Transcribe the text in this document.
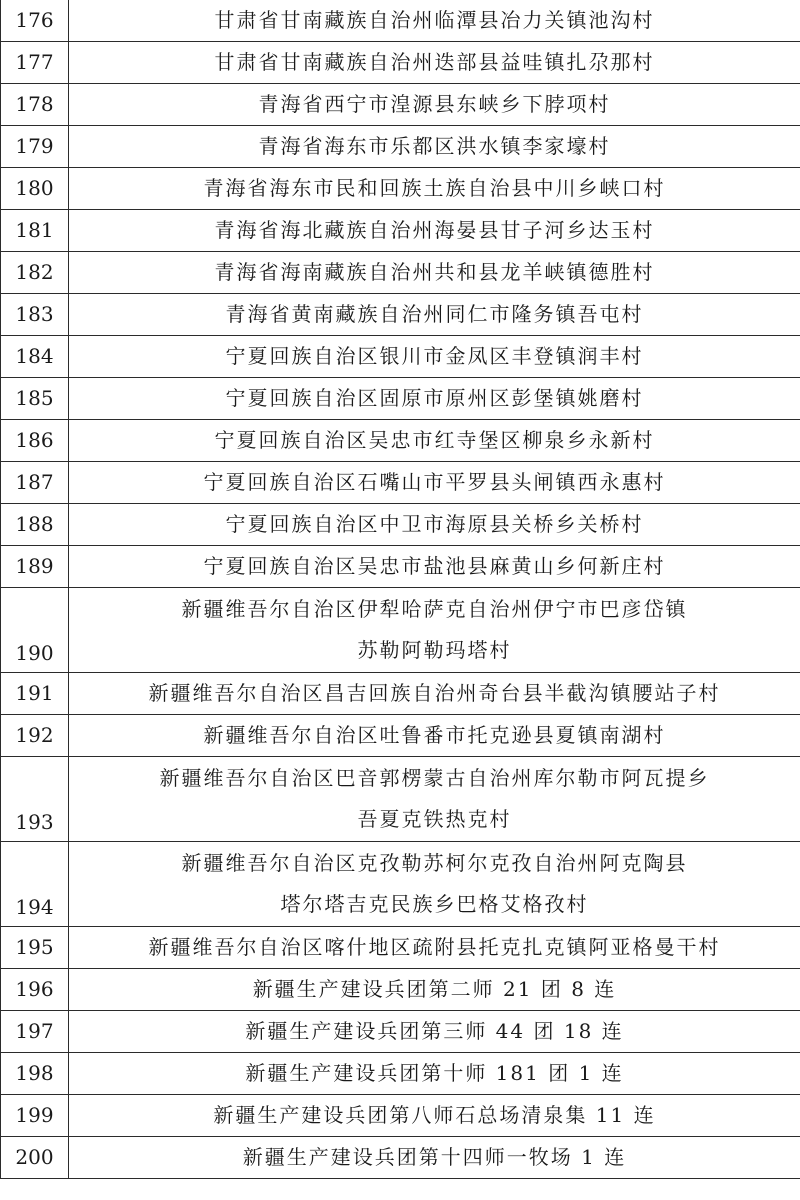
176	甘肃省甘南藏族自治州临潭县冶力关镇池沟村

177	甘肃省甘南藏族自治州迭部县益哇镇扎尕那村

178	青海省西宁市湟源县东峡乡下脖项村

179	青海省海东市乐都区洪水镇李家壕村

180	青海省海东市民和回族土族自治县中川乡峡口村

181	青海省海北藏族自治州海晏县甘子河乡达玉村

182	青海省海南藏族自治州共和县龙羊峡镇德胜村

183	青海省黄南藏族自治州同仁市隆务镇吾屯村

184	宁夏回族自治区银川市金凤区丰登镇润丰村

185	宁夏回族自治区固原市原州区彭堡镇姚磨村

186	宁夏回族自治区吴忠市红寺堡区柳泉乡永新村

187	宁夏回族自治区石嘴山市平罗县头闸镇西永惠村

188	宁夏回族自治区中卫市海原县关桥乡关桥村

189	宁夏回族自治区吴忠市盐池县麻黄山乡何新庄村

190	新疆维吾尔自治区伊犁哈萨克自治州伊宁市巴彦岱镇
苏勒阿勒玛塔村

191	新疆维吾尔自治区昌吉回族自治州奇台县半截沟镇腰站子村

192	新疆维吾尔自治区吐鲁番市托克逊县夏镇南湖村

193	新疆维吾尔自治区巴音郭楞蒙古自治州库尔勒市阿瓦提乡
吾夏克铁热克村

194	新疆维吾尔自治区克孜勒苏柯尔克孜自治州阿克陶县
塔尔塔吉克民族乡巴格艾格孜村

195	新疆维吾尔自治区喀什地区疏附县托克扎克镇阿亚格曼干村

196	新疆生产建设兵团第二师 21 团 8 连

197	新疆生产建设兵团第三师 44 团 18 连

198	新疆生产建设兵团第十师 181 团 1 连

199	新疆生产建设兵团第八师石总场清泉集 11 连

200	新疆生产建设兵团第十四师一牧场 1 连
